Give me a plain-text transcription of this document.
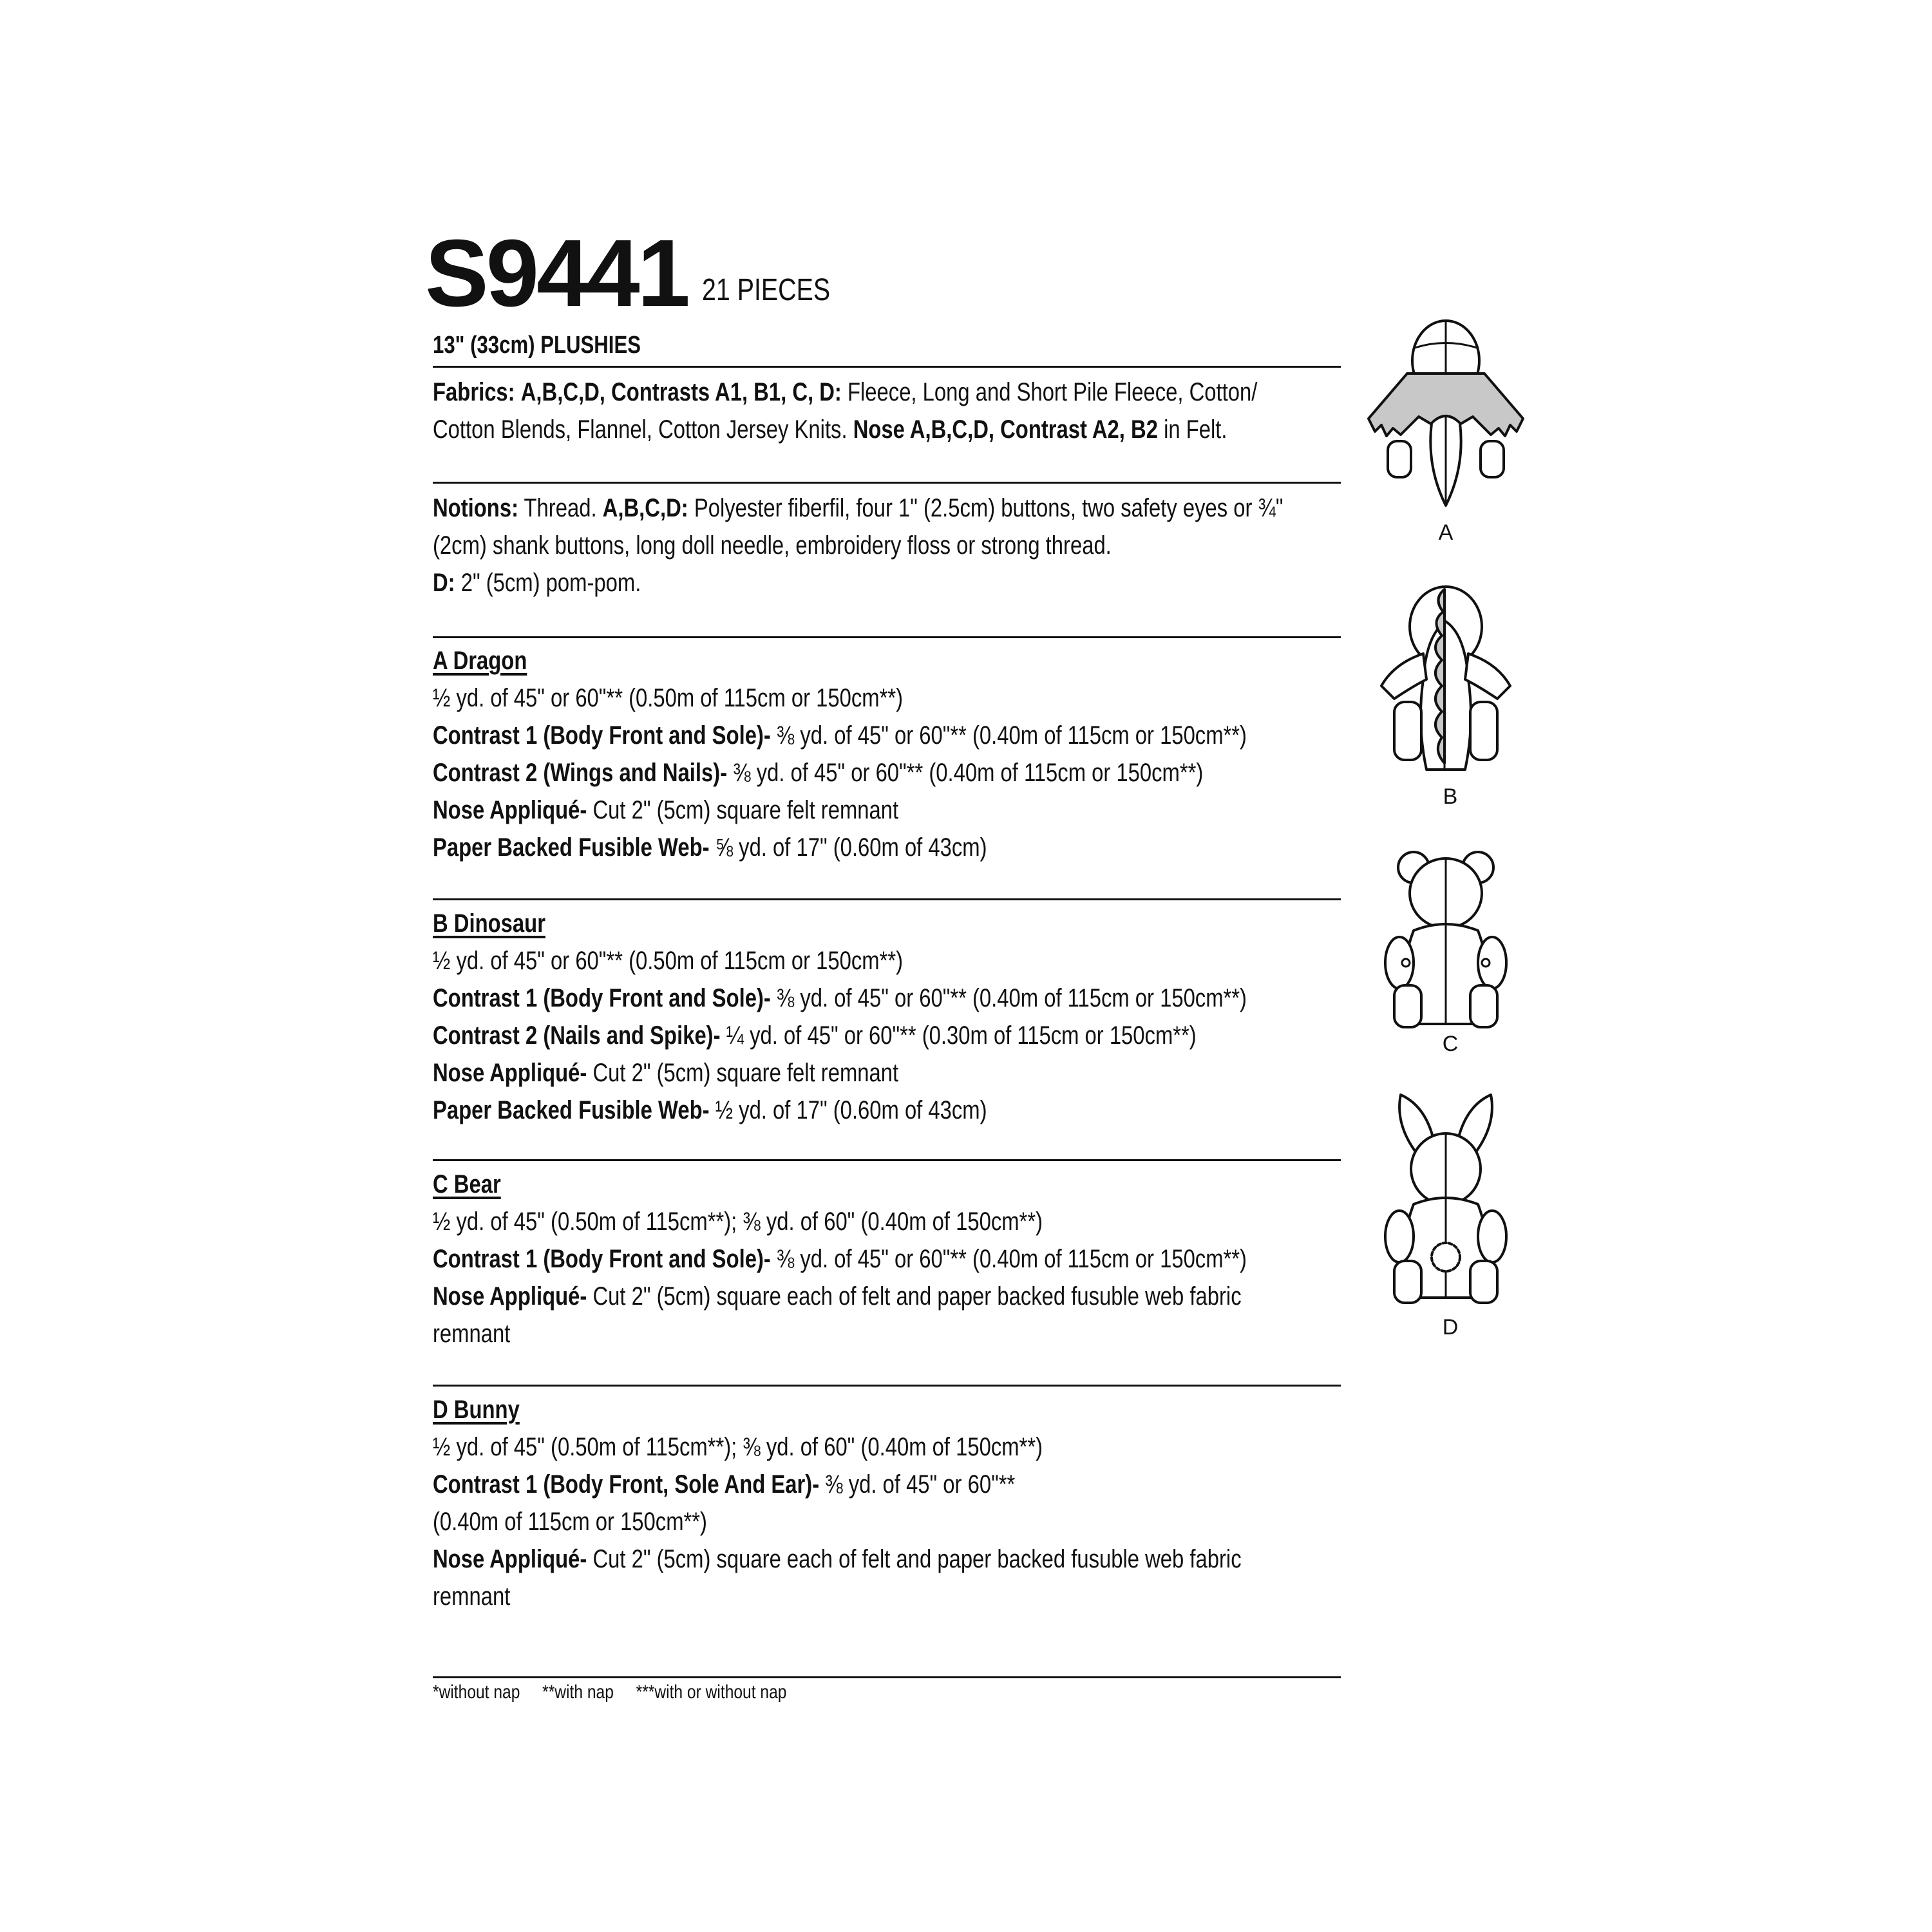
S9441 21 PIECES
13" (33cm) PLUSHIES
Fabrics: A,B,C,D, Contrasts A1, B1, C, D: Fleece, Long and Short Pile Fleece, Cotton/
Cotton Blends, Flannel, Cotton Jersey Knits. Nose A,B,C,D, Contrast A2, B2 in Felt.
Notions: Thread. A,B,C,D: Polyester fiberfil, four 1" (2.5cm) buttons, two safety eyes or ¾"
(2cm) shank buttons, long doll needle, embroidery floss or strong thread.
D: 2" (5cm) pom-pom.
A Dragon
½ yd. of 45" or 60"** (0.50m of 115cm or 150cm**)
Contrast 1 (Body Front and Sole)- ⅜ yd. of 45" or 60"** (0.40m of 115cm or 150cm**)
Contrast 2 (Wings and Nails)- ⅜ yd. of 45" or 60"** (0.40m of 115cm or 150cm**)
Nose Appliqué- Cut 2" (5cm) square felt remnant
Paper Backed Fusible Web- ⅝ yd. of 17" (0.60m of 43cm)
B Dinosaur
½ yd. of 45" or 60"** (0.50m of 115cm or 150cm**)
Contrast 1 (Body Front and Sole)- ⅜ yd. of 45" or 60"** (0.40m of 115cm or 150cm**)
Contrast 2 (Nails and Spike)- ¼ yd. of 45" or 60"** (0.30m of 115cm or 150cm**)
Nose Appliqué- Cut 2" (5cm) square felt remnant
Paper Backed Fusible Web- ½ yd. of 17" (0.60m of 43cm)
C Bear
½ yd. of 45" (0.50m of 115cm**); ⅜ yd. of 60" (0.40m of 150cm**)
Contrast 1 (Body Front and Sole)- ⅜ yd. of 45" or 60"** (0.40m of 115cm or 150cm**)
Nose Appliqué- Cut 2" (5cm) square each of felt and paper backed fusuble web fabric
remnant
D Bunny
½ yd. of 45" (0.50m of 115cm**); ⅜ yd. of 60" (0.40m of 150cm**)
Contrast 1 (Body Front, Sole And Ear)- ⅜ yd. of 45" or 60"**
(0.40m of 115cm or 150cm**)
Nose Appliqué- Cut 2" (5cm) square each of felt and paper backed fusuble web fabric
remnant
*without nap **with nap ***with or without nap
A
B
C
D
